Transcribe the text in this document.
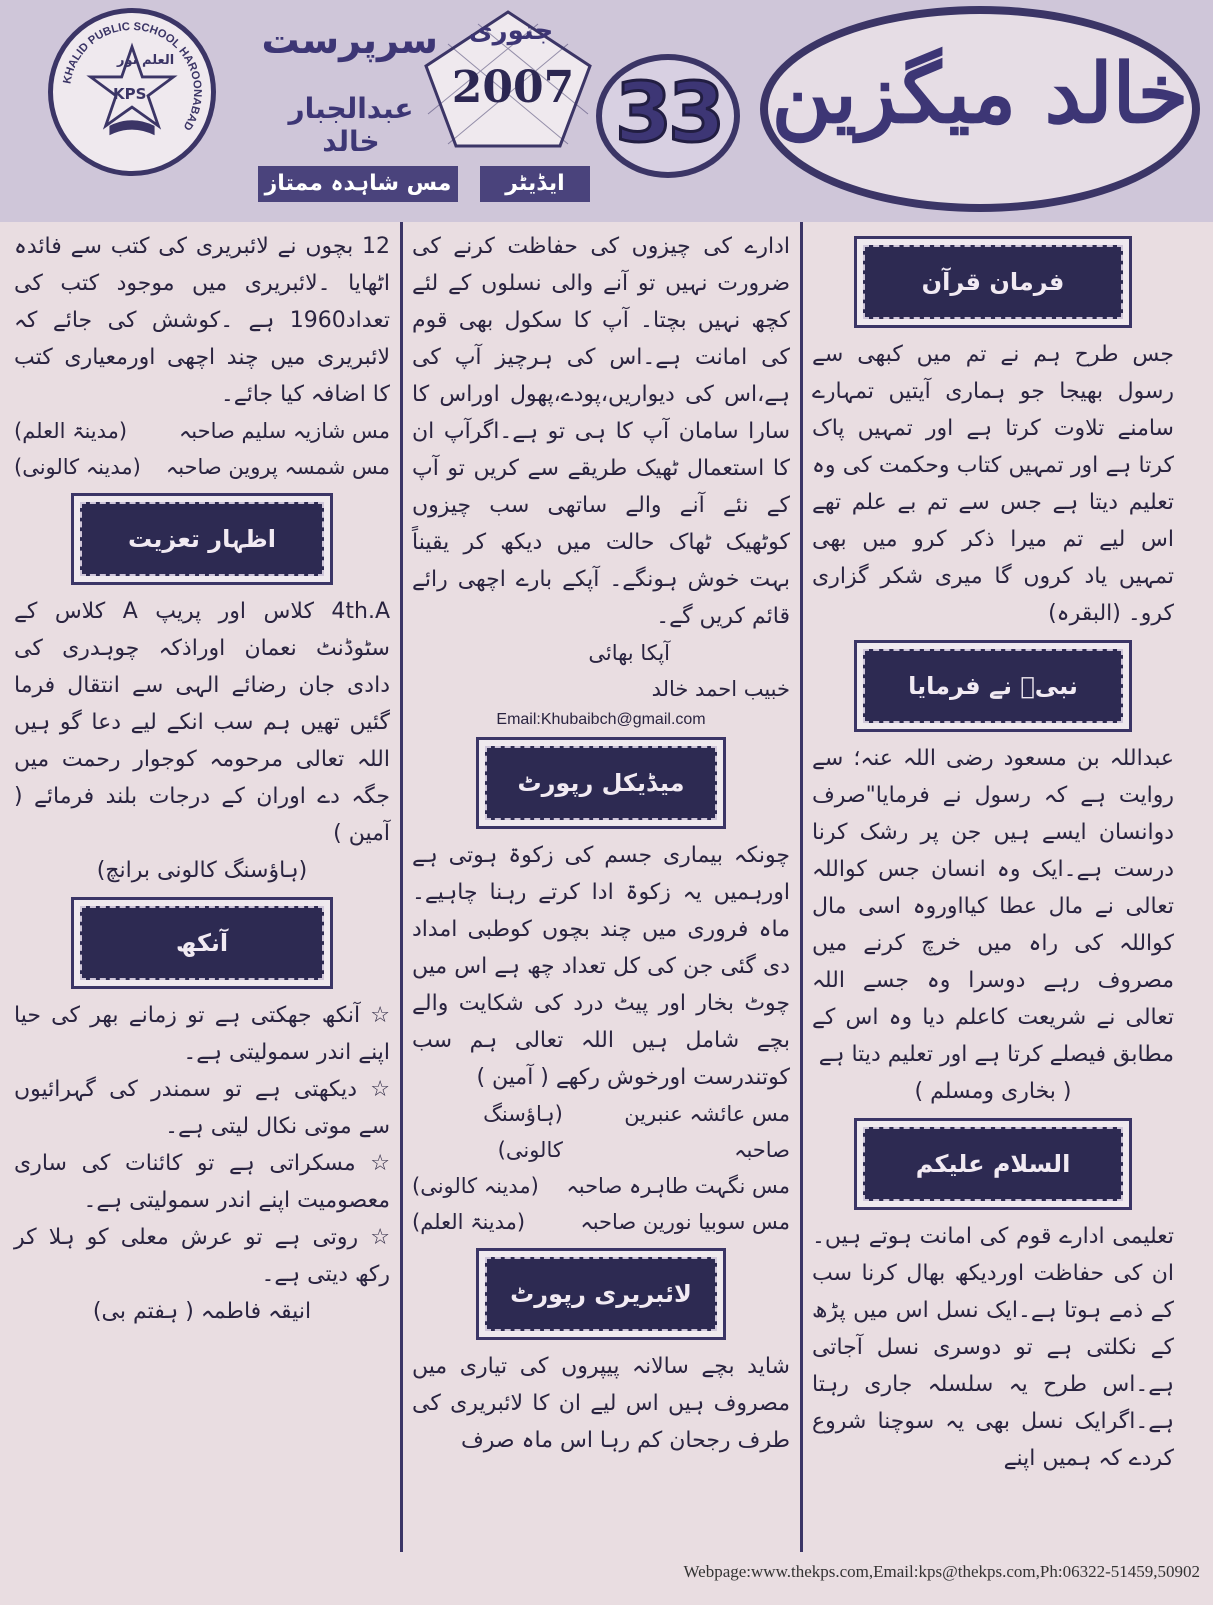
KHALID PUBLIC SCHOOL HAROONABAD
العلم نور
KPS
سرپرست
عبدالجبار خالد
جنوری
2007 33
مس شاہدہ ممتاز	ایڈیٹر
خالد میگزین
فرمان قرآن

جس طرح ہم نے تم میں کبھی سے رسول بھیجا جو ہماری آیتیں تمہارے سامنے تلاوت کرتا ہے اور تمہیں پاک کرتا ہے اور تمہیں کتاب وحکمت کی وہ تعلیم دیتا ہے جس سے تم بے علم تھے اس لیے تم میرا ذکر کرو میں بھی تمہیں یاد کروں گا میری شکر گزاری کرو۔ (البقرہ)

نبیؐ نے فرمایا

عبداللہ بن مسعود رضی اللہ عنہ؛ سے روایت ہے کہ رسول نے فرمایا"صرف دوانسان ایسے ہیں جن پر رشک کرنا درست ہے۔ایک وہ انسان جس کواللہ تعالی نے مال عطا کیااوروہ اسی مال کواللہ کی راہ میں خرچ کرنے میں مصروف رہے دوسرا وہ جسے اللہ تعالی نے شریعت کاعلم دیا وہ اس کے مطابق فیصلے کرتا ہے اور تعلیم دیتا ہے

( بخاری ومسلم )

السلام علیکم

تعلیمی ادارے قوم کی امانت ہوتے ہیں۔ان کی حفاظت اوردیکھ بھال کرنا سب کے ذمے ہوتا ہے۔ایک نسل اس میں پڑھ کے نکلتی ہے تو دوسری نسل آجاتی ہے۔اس طرح یہ سلسلہ جاری رہتا ہے۔اگرایک نسل بھی یہ سوچنا شروع کردے کہ ہمیں اپنے

ادارے کی چیزوں کی حفاظت کرنے کی ضرورت نہیں تو آنے والی نسلوں کے لئے کچھ نہیں بچتا۔ آپ کا سکول بھی قوم کی امانت ہے۔اس کی ہرچیز آپ کی ہے،اس کی دیواریں،پودے،پھول اوراس کا سارا سامان آپ کا ہی تو ہے۔اگرآپ ان کا استعمال ٹھیک طریقے سے کریں تو آپ کے نئے آنے والے ساتھی سب چیزوں کوٹھیک ٹھاک حالت میں دیکھ کر یقیناً بہت خوش ہونگے۔ آپکے بارے اچھی رائے قائم کریں گے۔

آپکا بھائی
خبیب احمد خالد
Email:Khubaibch@gmail.com
میڈیکل رپورٹ

چونکہ بیماری جسم کی زکوۃ ہوتی ہے اورہمیں یہ زکوۃ ادا کرتے رہنا چاہیے۔ ماہ فروری میں چند بچوں کوطبی امداد دی گئی جن کی کل تعداد چھ ہے اس میں چوٹ بخار اور پیٹ درد کی شکایت والے بچے شامل ہیں اللہ تعالی ہم سب کوتندرست اورخوش رکھے ( آمین )

مس عائشہ عنبرین صاحبہ
(ہاؤسنگ کالونی)
مس نگہت طاہرہ صاحبہ
(مدینہ کالونی)
مس سوبیا نورین صاحبہ
(مدینۃ العلم)
لائبریری رپورٹ

شاید بچے سالانہ پیپروں کی تیاری میں مصروف ہیں اس لیے ان کا لائبریری کی طرف رجحان کم رہا اس ماہ صرف

12 بچوں نے لائبریری کی کتب سے فائدہ اٹھایا ۔لائبریری میں موجود کتب کی تعداد1960 ہے ۔کوشش کی جائے کہ لائبریری میں چند اچھی اورمعیاری کتب کا اضافہ کیا جائے۔

مس شازیہ سلیم صاحبہ
(مدینۃ العلم)
مس شمسہ پروین صاحبہ
(مدینہ کالونی)
اظہار تعزیت

4th.A کلاس اور پریپ A کلاس کے سٹوڈنٹ نعمان اوراذکہ چوہدری کی دادی جان رضائے الہی سے انتقال فرما گئیں تھیں ہم سب انکے لیے دعا گو ہیں اللہ تعالی مرحومہ کوجوار رحمت میں جگہ دے اوران کے درجات بلند فرمائے ( آمین )

(ہاؤسنگ کالونی برانچ)

آنکھ

☆ آنکھ جھکتی ہے تو زمانے بھر کی حیا اپنے اندر سمولیتی ہے۔

☆ دیکھتی ہے تو سمندر کی گہرائیوں سے موتی نکال لیتی ہے۔

☆ مسکراتی ہے تو کائنات کی ساری معصومیت اپنے اندر سمولیتی ہے۔

☆ روتی ہے تو عرش معلی کو ہلا کر رکھ دیتی ہے۔

انیقہ فاطمہ ( ہفتم بی)

Webpage:www.thekps.com,Email:kps@thekps.com,Ph:06322-51459,50902
